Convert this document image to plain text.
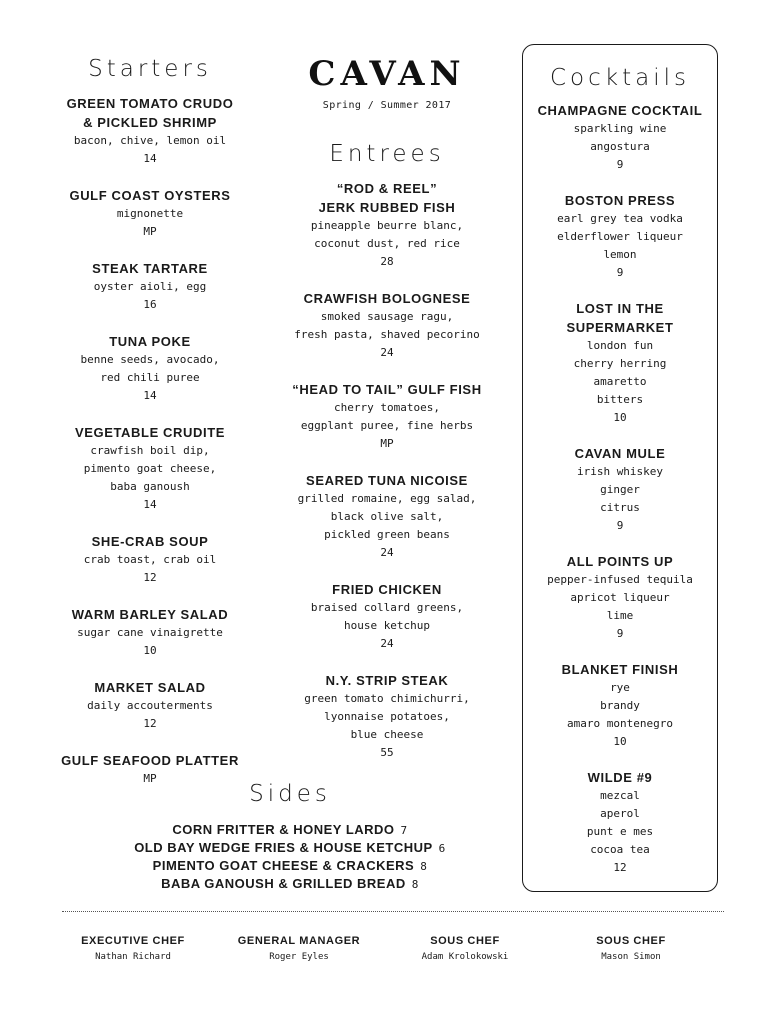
Starters
GREEN TOMATO CRUDO
& PICKLED SHRIMP
bacon, chive, lemon oil
14
GULF COAST OYSTERS
mignonette
MP
STEAK TARTARE
oyster aioli, egg
16
TUNA POKE
benne seeds, avocado,
red chili puree
14
VEGETABLE CRUDITE
crawfish boil dip,
pimento goat cheese,
baba ganoush
14
SHE-CRAB SOUP
crab toast, crab oil
12
WARM BARLEY SALAD
sugar cane vinaigrette
10
MARKET SALAD
daily accouterments
12
GULF SEAFOOD PLATTER
MP
CAVAN
Spring / Summer 2017
Entrees
“ROD & REEL”
JERK RUBBED FISH
pineapple beurre blanc,
coconut dust, red rice
28
CRAWFISH BOLOGNESE
smoked sausage ragu,
fresh pasta, shaved pecorino
24
“HEAD TO TAIL” GULF FISH
cherry tomatoes,
eggplant puree, fine herbs
MP
SEARED TUNA NICOISE
grilled romaine, egg salad,
black olive salt,
pickled green beans
24
FRIED CHICKEN
braised collard greens,
house ketchup
24
N.Y. STRIP STEAK
green tomato chimichurri,
lyonnaise potatoes,
blue cheese
55
Cocktails
CHAMPAGNE COCKTAIL
sparkling wine
angostura
9
BOSTON PRESS
earl grey tea vodka
elderflower liqueur
lemon
9
LOST IN THE
SUPERMARKET
london fun
cherry herring
amaretto
bitters
10
CAVAN MULE
irish whiskey
ginger
citrus
9
ALL POINTS UP
pepper-infused tequila
apricot liqueur
lime
9
BLANKET FINISH
rye
brandy
amaro montenegro
10
WILDE #9
mezcal
aperol
punt e mes
cocoa tea
12
Sides
CORN FRITTER & HONEY LARDO 7
OLD BAY WEDGE FRIES & HOUSE KETCHUP 6
PIMENTO GOAT CHEESE & CRACKERS 8
BABA GANOUSH & GRILLED BREAD 8
EXECUTIVE CHEF
Nathan Richard
GENERAL MANAGER
Roger Eyles
SOUS CHEF
Adam Krolokowski
SOUS CHEF
Mason Simon
